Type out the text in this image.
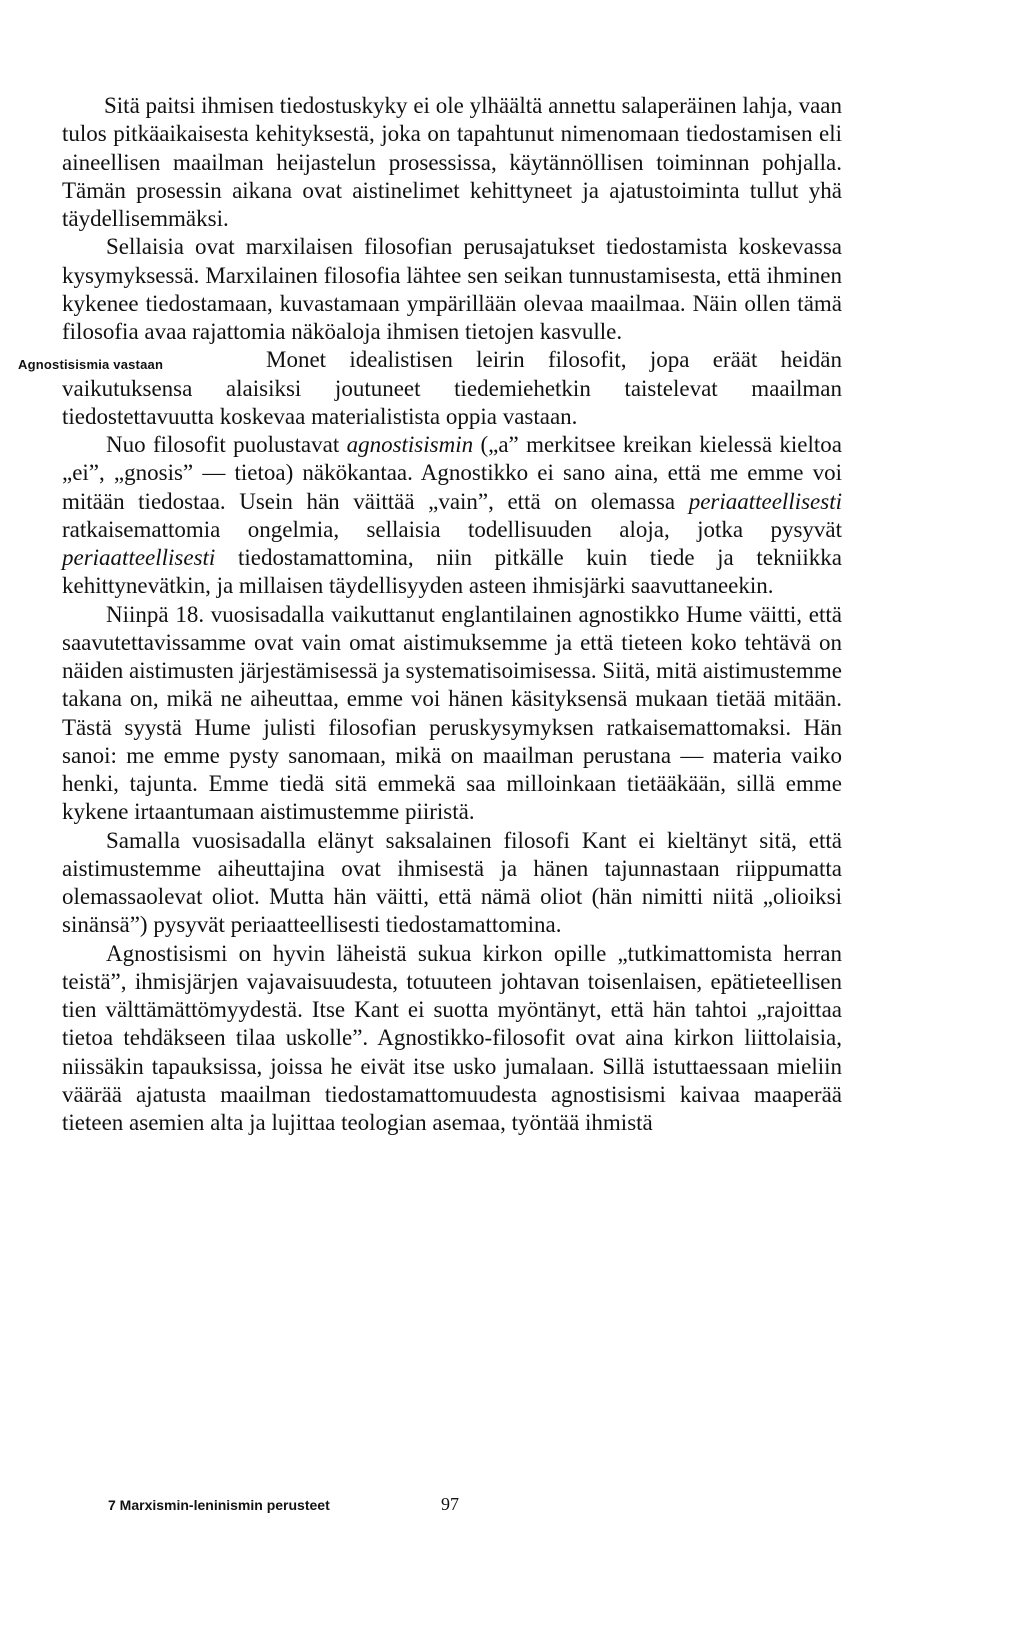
Sitä paitsi ihmisen tiedostuskyky ei ole ylhäältä annettu salaperäinen lahja, vaan tulos pitkäaikaisesta kehityksestä, joka on tapahtunut nimenomaan tiedostamisen eli aineellisen maailman heijastelun prosessissa, käytännöllisen toiminnan pohjalla. Tämän prosessin aikana ovat aistinelimet kehittyneet ja ajatustoiminta tullut yhä täydellisemmäksi.

Sellaisia ovat marxilaisen filosofian perusajatukset tiedostamista koskevassa kysymyksessä. Marxilainen filosofia lähtee sen seikan tunnustamisesta, että ihminen kykenee tiedostamaan, kuvastamaan ympärillään olevaa maailmaa. Näin ollen tämä filosofia avaa rajattomia näköaloja ihmisen tietojen kasvulle.

Agnostisismia vastaan	Monet idealistisen leirin filosofit, jopa eräät heidän vaikutuksensa alaisiksi joutuneet tiedemiehetkin taistelevat maailman tiedostettavuutta koskevaa materialistista oppia vastaan.

Nuo filosofit puolustavat agnostisismin („a” merkitsee kreikan kielessä kieltoa „ei”, „gnosis” — tietoa) näkökantaa. Agnostikko ei sano aina, että me emme voi mitään tiedostaa. Usein hän väittää „vain”, että on olemassa periaatteellisesti ratkaisemattomia ongelmia, sellaisia todellisuuden aloja, jotka pysyvät periaatteellisesti tiedostamattomina, niin pitkälle kuin tiede ja tekniikka kehittynevätkin, ja millaisen täydellisyyden asteen ihmisjärki saavuttaneekin.

Niinpä 18. vuosisadalla vaikuttanut englantilainen agnostikko Hume väitti, että saavutettavissamme ovat vain omat aistimuksemme ja että tieteen koko tehtävä on näiden aistimusten järjestämisessä ja systematisoimisessa. Siitä, mitä aistimustemme takana on, mikä ne aiheuttaa, emme voi hänen käsityksensä mukaan tietää mitään. Tästä syystä Hume julisti filosofian peruskysymyksen ratkaisemattomaksi. Hän sanoi: me emme pysty sanomaan, mikä on maailman perustana — materia vaiko henki, tajunta. Emme tiedä sitä emmekä saa milloinkaan tietääkään, sillä emme kykene irtaantumaan aistimustemme piiristä.

Samalla vuosisadalla elänyt saksalainen filosofi Kant ei kieltänyt sitä, että aistimustemme aiheuttajina ovat ihmisestä ja hänen tajunnastaan riippumatta olemassaolevat oliot. Mutta hän väitti, että nämä oliot (hän nimitti niitä „olioiksi sinänsä”) pysyvät periaatteellisesti tiedostamattomina.

Agnostisismi on hyvin läheistä sukua kirkon opille „tutkimattomista herran teistä”, ihmisjärjen vajavaisuudesta, totuuteen johtavan toisenlaisen, epätieteellisen tien välttämättömyydestä. Itse Kant ei suotta myöntänyt, että hän tahtoi „rajoittaa tietoa tehdäkseen tilaa uskolle”. Agnostikko-filosofit ovat aina kirkon liittolaisia, niissäkin tapauksissa, joissa he eivät itse usko jumalaan. Sillä istuttaessaan mieliin väärää ajatusta maailman tiedostamattomuudesta agnostisismi kaivaa maaperää tieteen asemien alta ja lujittaa teologian asemaa, työntää ihmistä

7 Marxismin-leninismin perusteet	97
